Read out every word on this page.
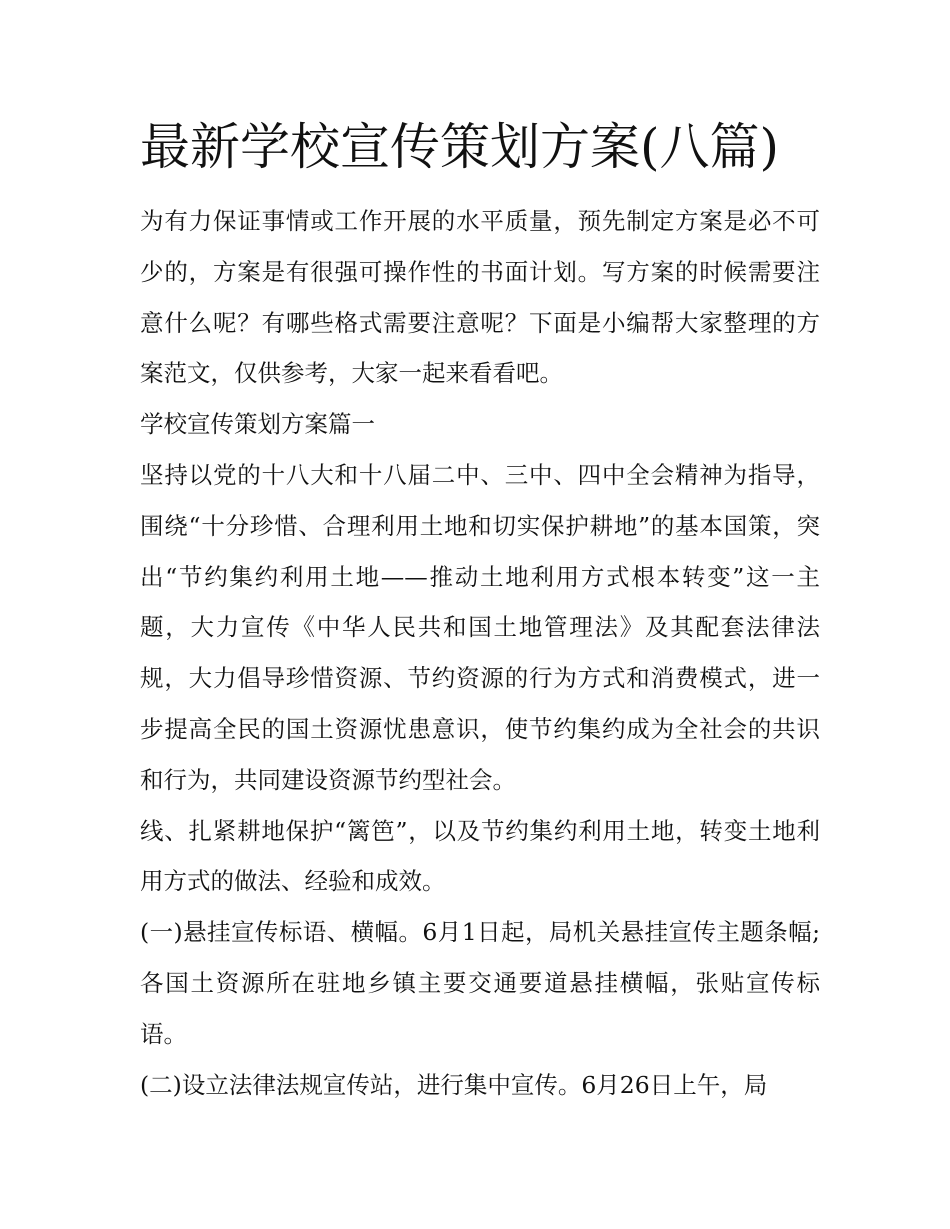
最新学校宣传策划方案(八篇)

为有力保证事情或工作开展的水平质量，预先制定方案是必不可少的，方案是有很强可操作性的书面计划。写方案的时候需要注意什么呢？有哪些格式需要注意呢？下面是小编帮大家整理的方案范文，仅供参考，大家一起来看看吧。

学校宣传策划方案篇一

坚持以党的十八大和十八届二中、三中、四中全会精神为指导，围绕“十分珍惜、合理利用土地和切实保护耕地”的基本国策，突出“节约集约利用土地——推动土地利用方式根本转变”这一主题，大力宣传《中华人民共和国土地管理法》及其配套法律法规，大力倡导珍惜资源、节约资源的行为方式和消费模式，进一步提高全民的国土资源忧患意识，使节约集约成为全社会的共识和行为，共同建设资源节约型社会。

线、扎紧耕地保护“篱笆”，以及节约集约利用土地，转变土地利用方式的做法、经验和成效。

(一)悬挂宣传标语、横幅。6月1日起，局机关悬挂宣传主题条幅;各国土资源所在驻地乡镇主要交通要道悬挂横幅，张贴宣传标语。

(二)设立法律法规宣传站，进行集中宣传。6月26日上午，局
